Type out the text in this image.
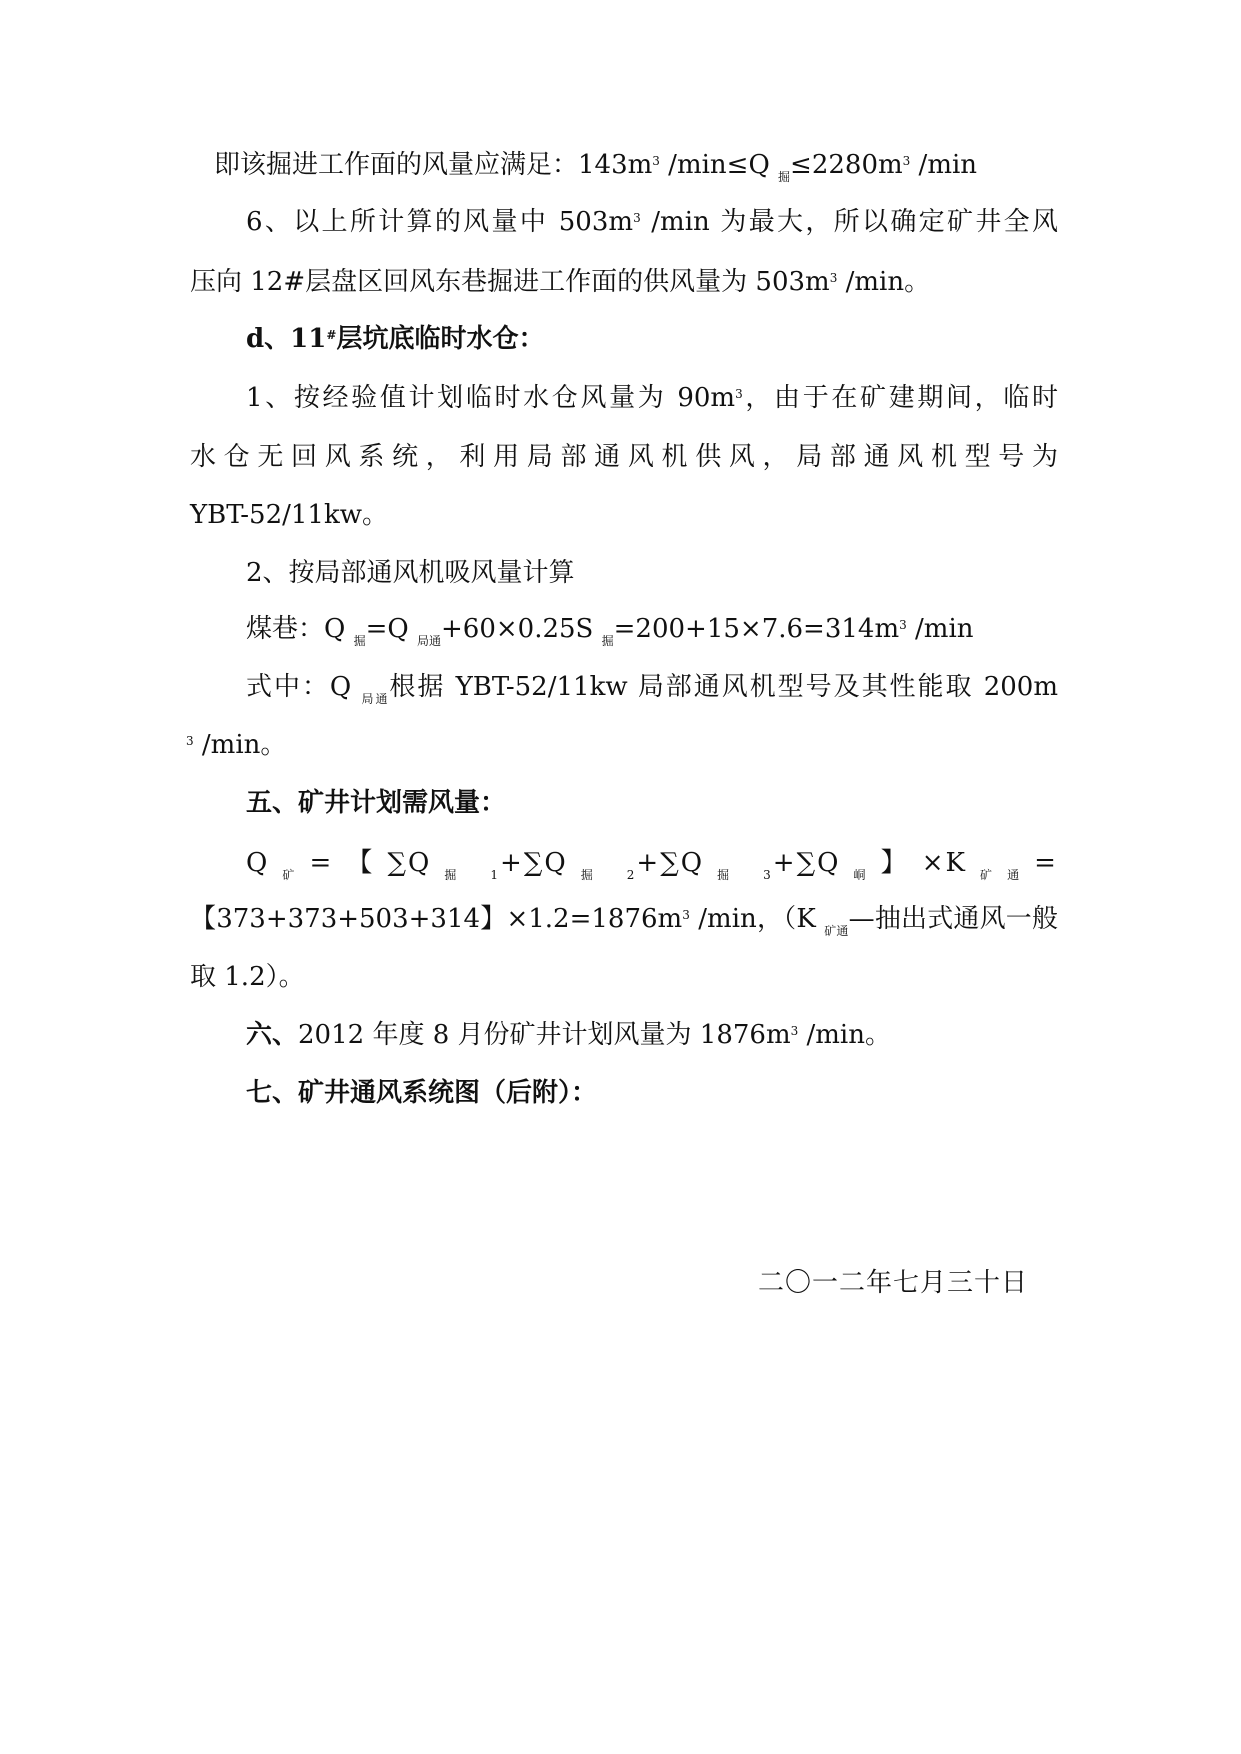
即该掘进工作面的风量应满足：$143m^3$ /min≤Q $_掘\le 2280m^3$ /min
6、以上所计算的风量中 $503m^3$ /min 为最大，所以确定矿井全风
压向 12#层盘区回风东巷掘进工作面的供风量为 $503m^3$ /min。
d、11#层坑底临时水仓：
1、按经验值计划临时水仓风量为 $90m^3$，由于在矿建期间，临时
水仓无回风系统，利用局部通风机供风，局部通风机型号为
YBT-52/11kw。
2、按局部通风机吸风量计算
煤巷：Q $_掘$=Q $_{局通}$+60×0.25S $_掘=200+15\times 7.6=314m^3$ /min
式中：Q $_{局通}$根据 YBT-52/11kw 局部通风机型号及其性能取 200m
$^3$ /min。
五、矿井计划需风量：
$Q_矿=$【$\sum Q_{掘 1}+\sum Q_{掘 2}+\sum Q_{掘 3}+\sum Q_峒$】$\times K_{矿通}=$
【373+373+503+314】$\times 1.2=1876m^3$ /min，（K $_{矿通}$—抽出式通风一般
取 1.2）。
六、2012 年度 8 月份矿井计划风量为 $1876m^3$ /min。
七、矿井通风系统图（后附）：
二〇一二年七月三十日
